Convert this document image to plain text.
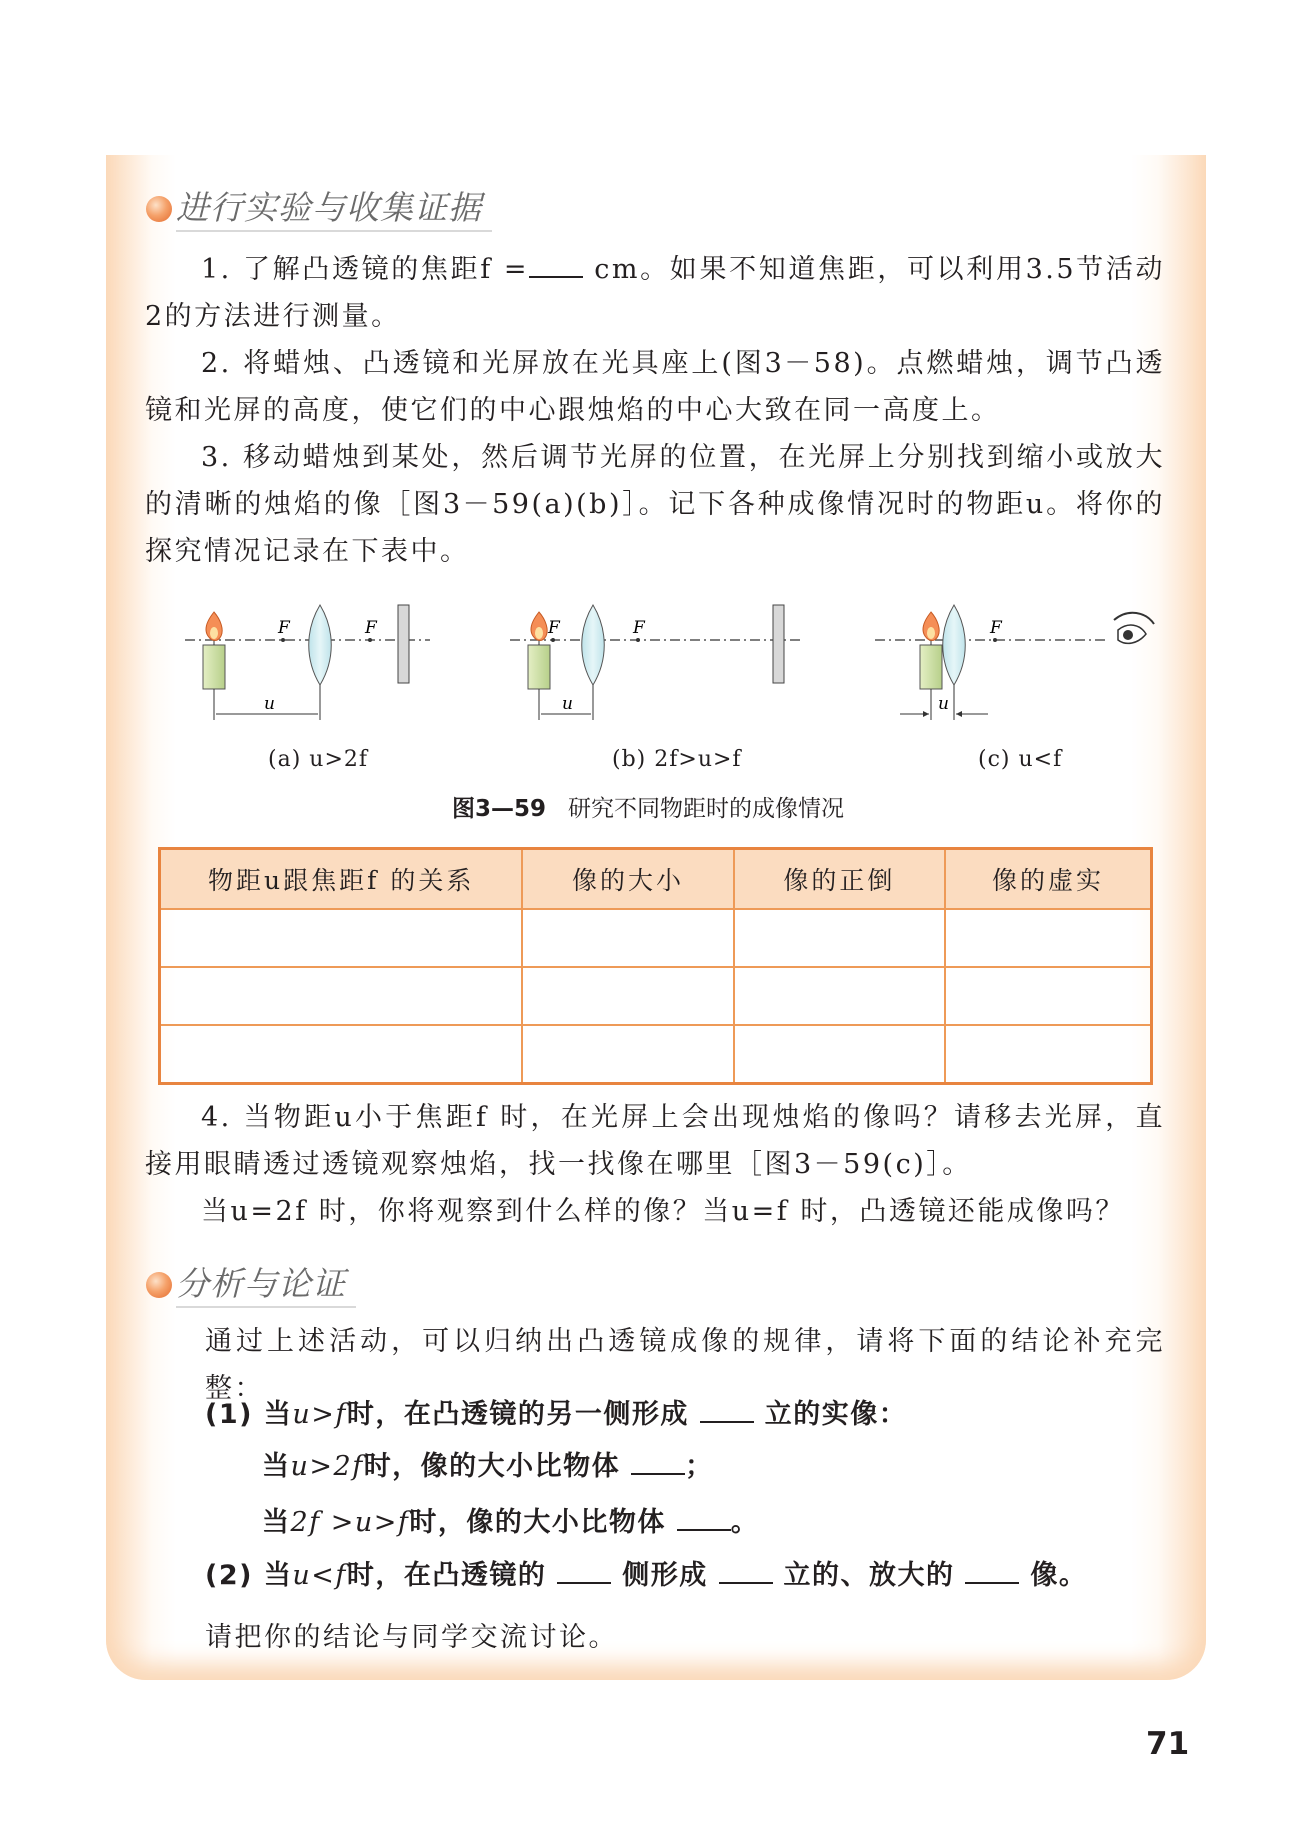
进行实验与收集证据

1. 了解凸透镜的焦距f = cm。如果不知道焦距，可以利用3.5节活动2的方法进行测量。

2. 将蜡烛、凸透镜和光屏放在光具座上(图3－58)。点燃蜡烛，调节凸透镜和光屏的高度，使它们的中心跟烛焰的中心大致在同一高度上。

3. 移动蜡烛到某处，然后调节光屏的位置，在光屏上分别找到缩小或放大的清晰的烛焰的像［图3－59(a)(b)］。记下各种成像情况时的物距u。将你的探究情况记录在下表中。

F	F
u
F	F
u
F
u
(a) u>2f	(b) 2f>u>f	(c) u<f
图3—59 研究不同物距时的成像情况
物距u跟焦距f 的关系	像的大小	像的正倒	像的虚实

4. 当物距u小于焦距f 时，在光屏上会出现烛焰的像吗？请移去光屏，直接用眼睛透过透镜观察烛焰，找一找像在哪里［图3－59(c)］。

当u=2f 时，你将观察到什么样的像？当u=f 时，凸透镜还能成像吗？

分析与论证
通过上述活动，可以归纳出凸透镜成像的规律，请将下面的结论补充完整：
(1) 当u>f时，在凸透镜的另一侧形成	立的实像：
当u>2f时，像的大小比物体 ；
当2f >u>f时，像的大小比物体 。
(2) 当u<f时，在凸透镜的	侧形成	立的、放大的	像。
请把你的结论与同学交流讨论。
71
